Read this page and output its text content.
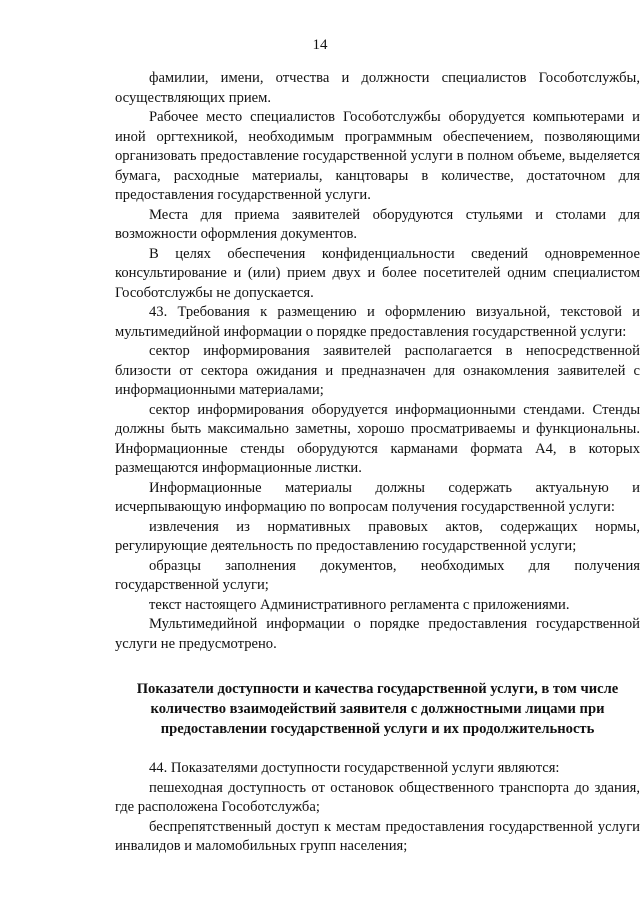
14

фамилии, имени, отчества и должности специалистов Гособотслужбы, осуществляющих прием.

Рабочее место специалистов Гособотслужбы оборудуется компьютерами и иной оргтехникой, необходимым программным обеспечением, позволяющими организовать предоставление государственной услуги в полном объеме, выделяется бумага, расходные материалы, канцтовары в количестве, достаточном для предоставления государственной услуги.

Места для приема заявителей оборудуются стульями и столами для возможности оформления документов.

В целях обеспечения конфиденциальности сведений одновременное консультирование и (или) прием двух и более посетителей одним специалистом Гособотслужбы не допускается.

43. Требования к размещению и оформлению визуальной, текстовой и мультимедийной информации о порядке предоставления государственной услуги:

сектор информирования заявителей располагается в непосредственной близости от сектора ожидания и предназначен для ознакомления заявителей с информационными материалами;

сектор информирования оборудуется информационными стендами. Стенды должны быть максимально заметны, хорошо просматриваемы и функциональны. Информационные стенды оборудуются карманами формата А4, в которых размещаются информационные листки.

Информационные материалы должны содержать актуальную и исчерпывающую информацию по вопросам получения государственной услуги:

извлечения из нормативных правовых актов, содержащих нормы, регулирующие деятельность по предоставлению государственной услуги;

образцы заполнения документов, необходимых для получения государственной услуги;

текст настоящего Административного регламента с приложениями.

Мультимедийной информации о порядке предоставления государственной услуги не предусмотрено.

Показатели доступности и качества государственной услуги, в том числе количество взаимодействий заявителя с должностными лицами при предоставлении государственной услуги и их продолжительность

44. Показателями доступности государственной услуги являются:

пешеходная доступность от остановок общественного транспорта до здания, где расположена Гособотслужба;

беспрепятственный доступ к местам предоставления государственной услуги инвалидов и маломобильных групп населения;
